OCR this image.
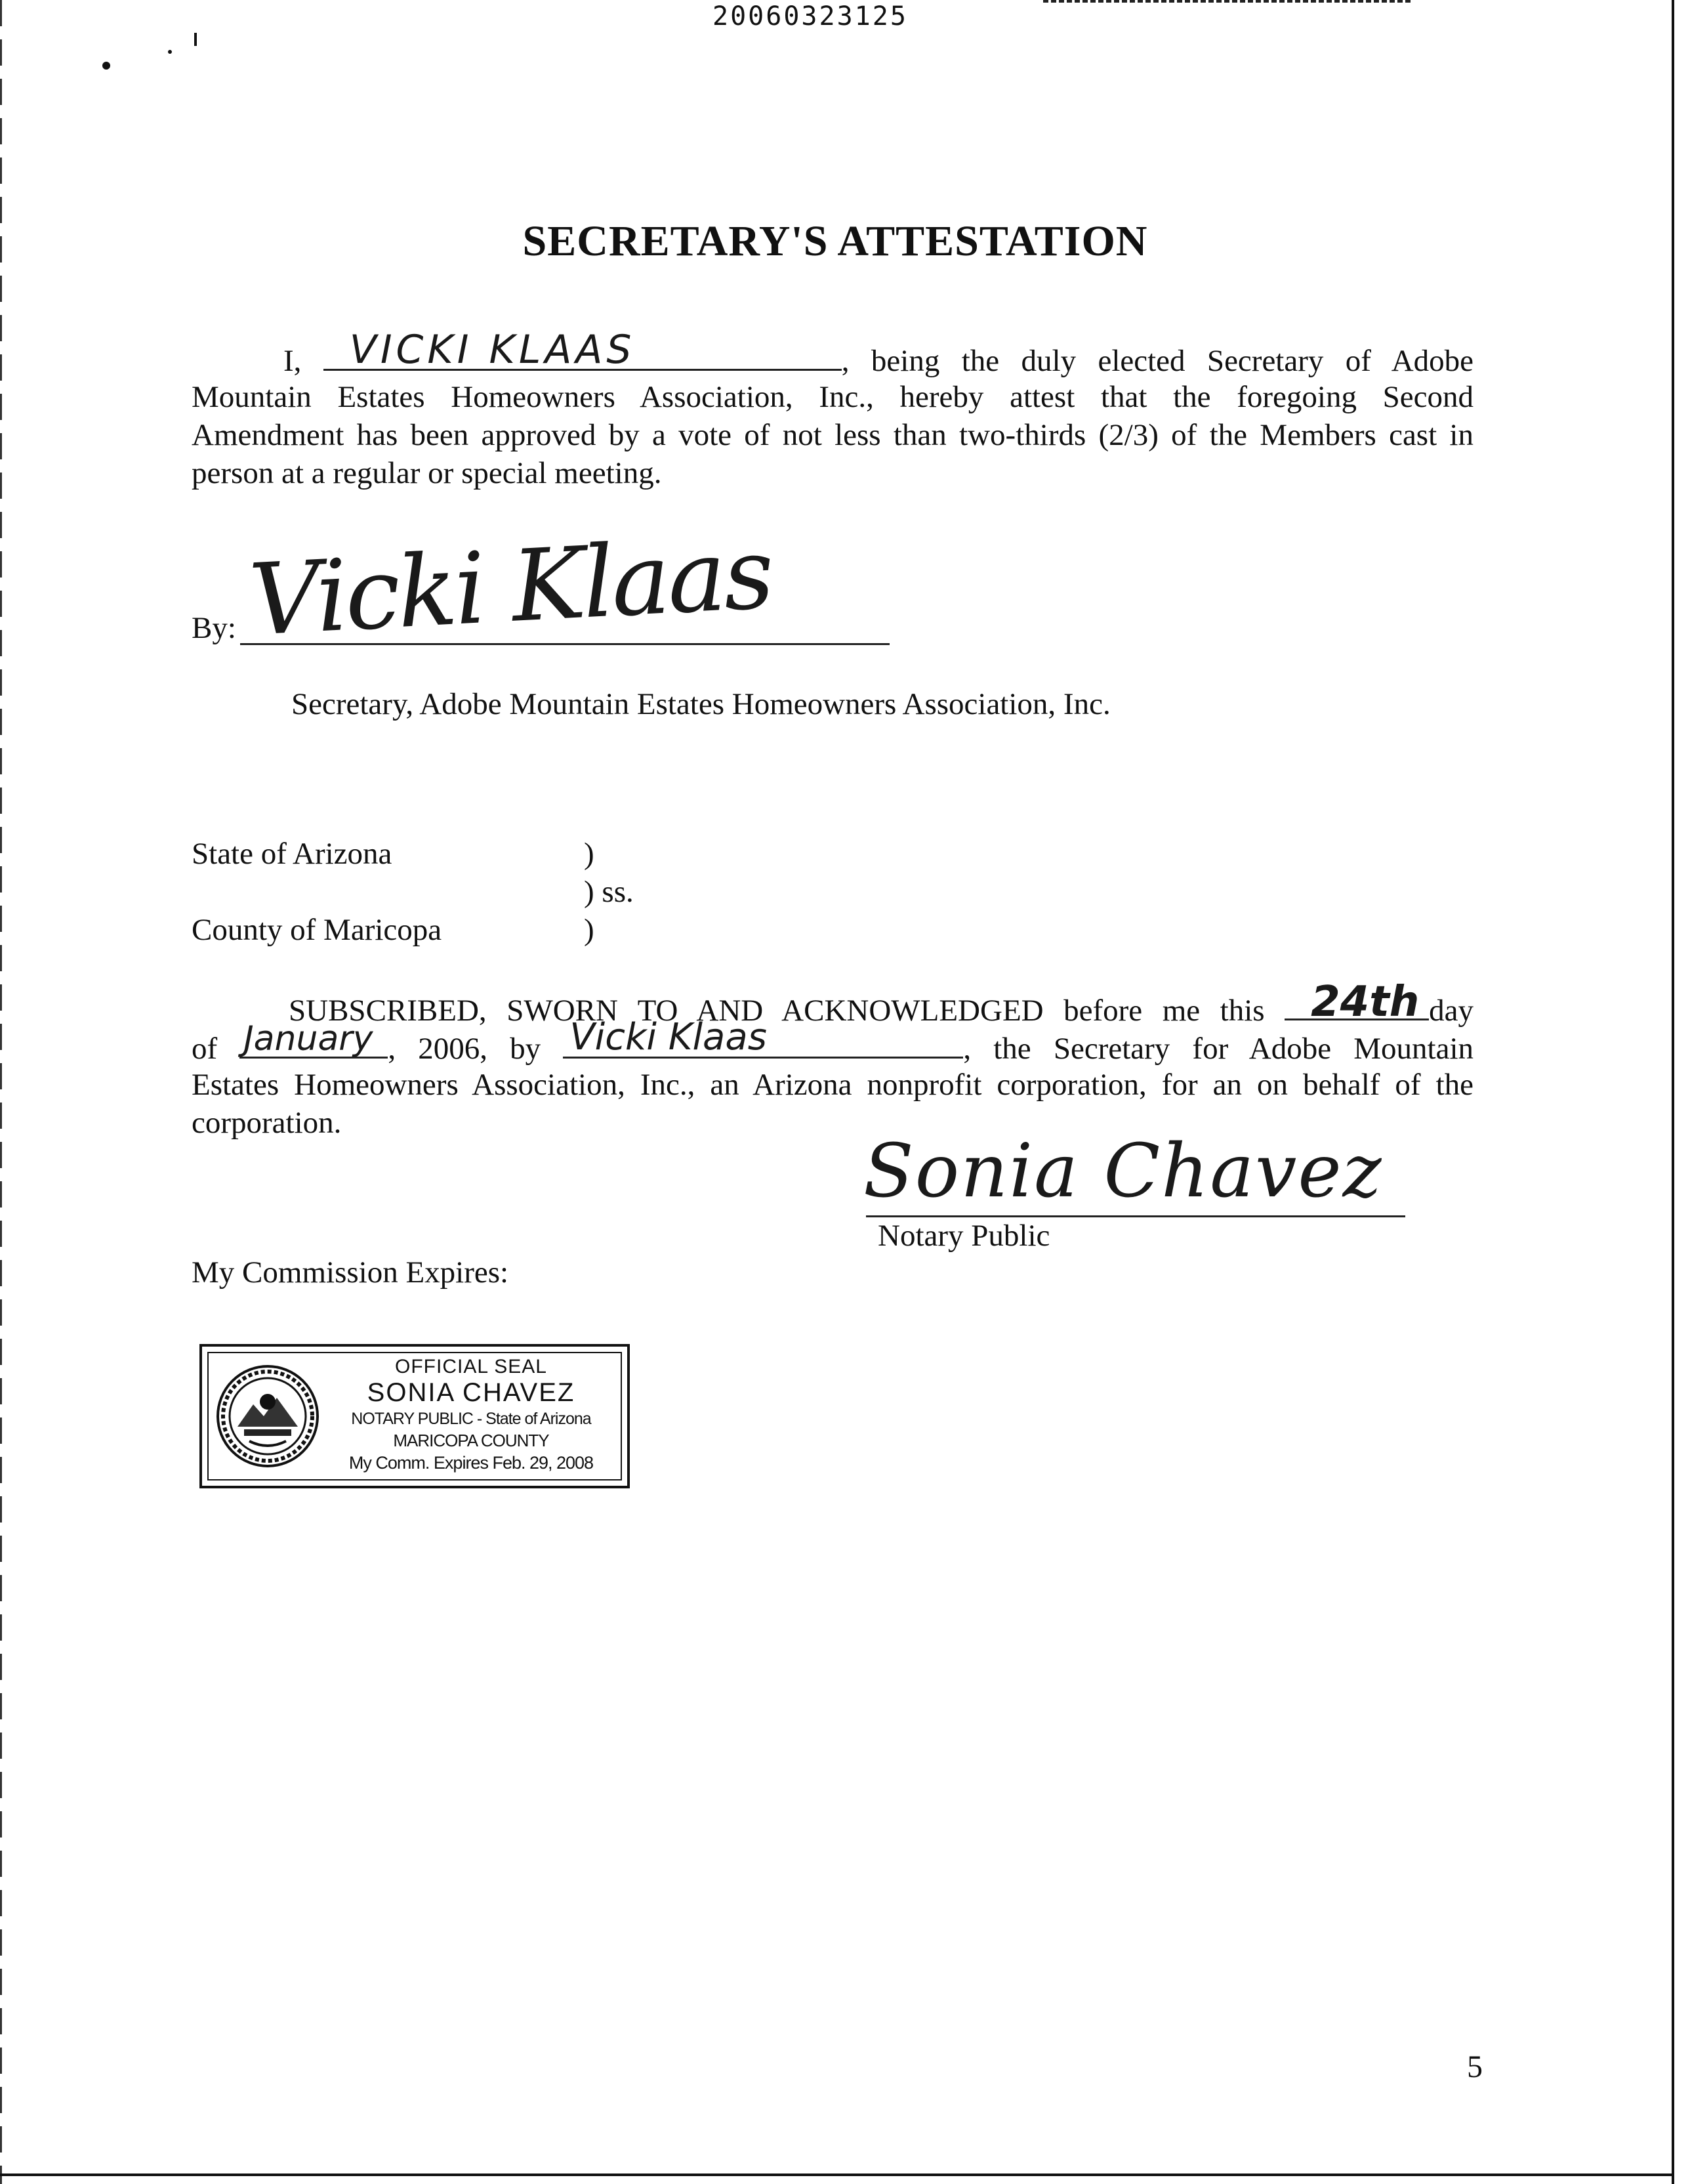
20060323125
SECRETARY'S ATTESTATION
I, VICKI KLAAS	, being the duly elected Secretary of Adobe
Mountain Estates Homeowners Association, Inc., hereby attest that the foregoing Second
Amendment has been approved by a vote of not less than two-thirds (2/3) of the Members cast in
person at a regular or special meeting.
By: Vicki Klaas
Secretary, Adobe Mountain Estates Homeowners Association, Inc.
State of Arizona	)
) ss.
County of Maricopa	)
SUBSCRIBED, SWORN TO AND ACKNOWLEDGED before me this 24th day
of January , 2006, by Vicki Klaas	, the Secretary for Adobe Mountain
Estates Homeowners Association, Inc., an Arizona nonprofit corporation, for an on behalf of the
corporation.
Sonia Chavez
Notary Public
My Commission Expires:
OFFICIAL SEAL
SONIA CHAVEZ
NOTARY PUBLIC - State of Arizona
MARICOPA COUNTY
My Comm. Expires Feb. 29, 2008
5
